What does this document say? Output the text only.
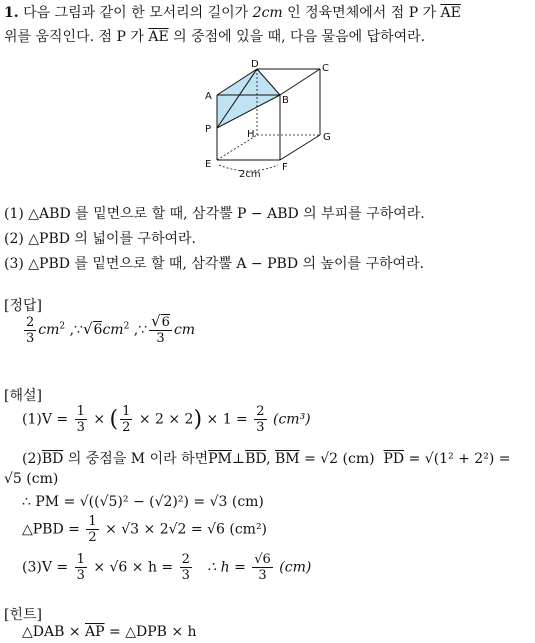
1. 다음 그림과 같이 한 모서리의 길이가 2cm 인 정육면체에서 점 P 가 $\overline{AE}$
위를 움직인다. 점 P 가 $\overline{AE}$ 의 중점에 있을 때, 다음 물음에 답하여라.
D	C
A	B
P	H	G
E	F
2cm
(1) △ABD 를 밑면으로 할 때, 삼각뿔 P − ABD 의 부피를 구하여라.
(2) △PBD 의 넓이를 구하여라.
(3) △PBD 를 밑면으로 할 때, 삼각뿔 A − PBD 의 높이를 구하여라.
[정답]
$\frac{2}{3} cm^2$ $,\because√6cm^2$ ,∵ $\frac{√6}{3}$ cm
[해설]
$(1)V = \frac{1}{3}$ × ( $\frac{1}{2} \times 2 \times 2) \times 1 = \frac{2}{3} (cm^3)$
$(2)\overline{BD}$ 의 중점을 M 이라 하면$\overline{PM}\perp\overline{BD}$, $\overline{BM} = √2$ (cm) $\overline{PD} = √(1^2 + 2^2)$ =
√5 (cm)
∴ PM = √((√5)² − (√2)²) = √3 (cm)
△PBD = $\frac{1}{2} \times √3 \times 2√2 = √6$ (cm²)
$(3)V = \frac{1}{3} \times √6 \times h = \frac{2}{3}$ ∴ $h = \frac{√6}{3} (cm)$
[힌트]
△DAB × $\overline{AP}$ = △DPB × h
